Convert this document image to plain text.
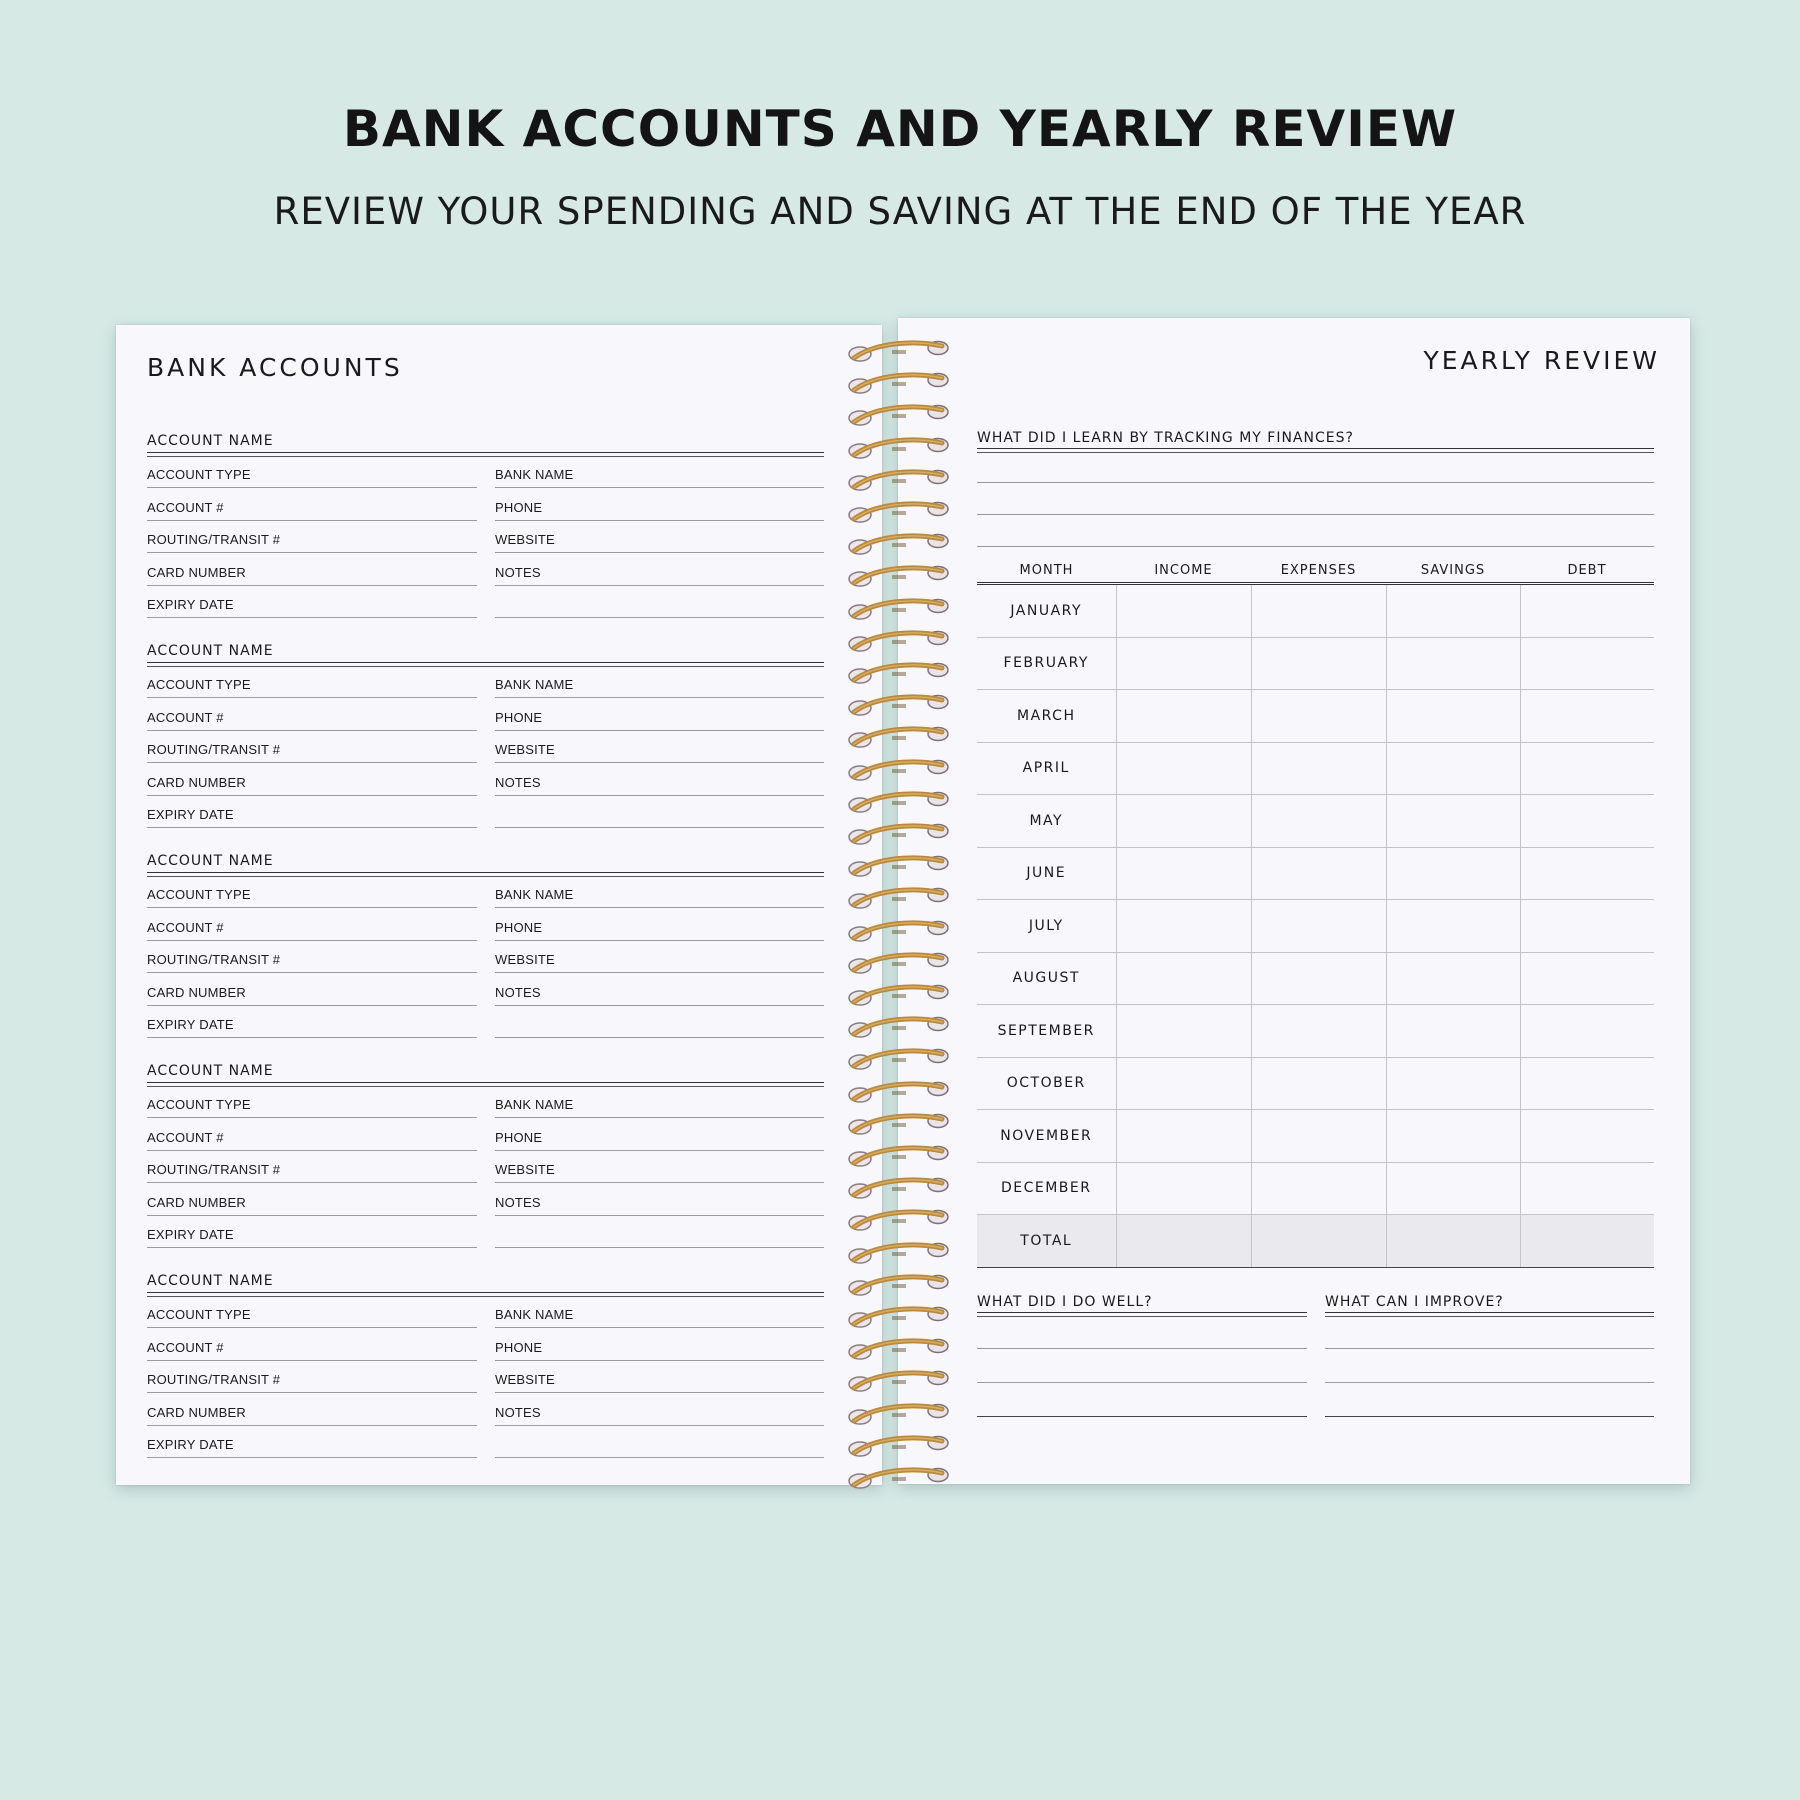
BANK ACCOUNTS AND YEARLY REVIEW
REVIEW YOUR SPENDING AND SAVING AT THE END OF THE YEAR
BANK ACCOUNTS
ACCOUNT NAME
ACCOUNT TYPE	BANK NAME
ACCOUNT #	PHONE
ROUTING/TRANSIT #	WEBSITE
CARD NUMBER	NOTES
EXPIRY DATE
ACCOUNT NAME
ACCOUNT TYPE	BANK NAME
ACCOUNT #	PHONE
ROUTING/TRANSIT #	WEBSITE
CARD NUMBER	NOTES
EXPIRY DATE
ACCOUNT NAME
ACCOUNT TYPE	BANK NAME
ACCOUNT #	PHONE
ROUTING/TRANSIT #	WEBSITE
CARD NUMBER	NOTES
EXPIRY DATE
ACCOUNT NAME
ACCOUNT TYPE	BANK NAME
ACCOUNT #	PHONE
ROUTING/TRANSIT #	WEBSITE
CARD NUMBER	NOTES
EXPIRY DATE
ACCOUNT NAME
ACCOUNT TYPE	BANK NAME
ACCOUNT #	PHONE
ROUTING/TRANSIT #	WEBSITE
CARD NUMBER	NOTES
EXPIRY DATE
YEARLY REVIEW
WHAT DID I LEARN BY TRACKING MY FINANCES?
MONTH	INCOME	EXPENSES	SAVINGS	DEBT
JANUARY				
FEBRUARY				
MARCH				
APRIL				
MAY				
JUNE				
JULY				
AUGUST				
SEPTEMBER				
OCTOBER				
NOVEMBER				
DECEMBER				
TOTAL				
WHAT DID I DO WELL?	WHAT CAN I IMPROVE?
